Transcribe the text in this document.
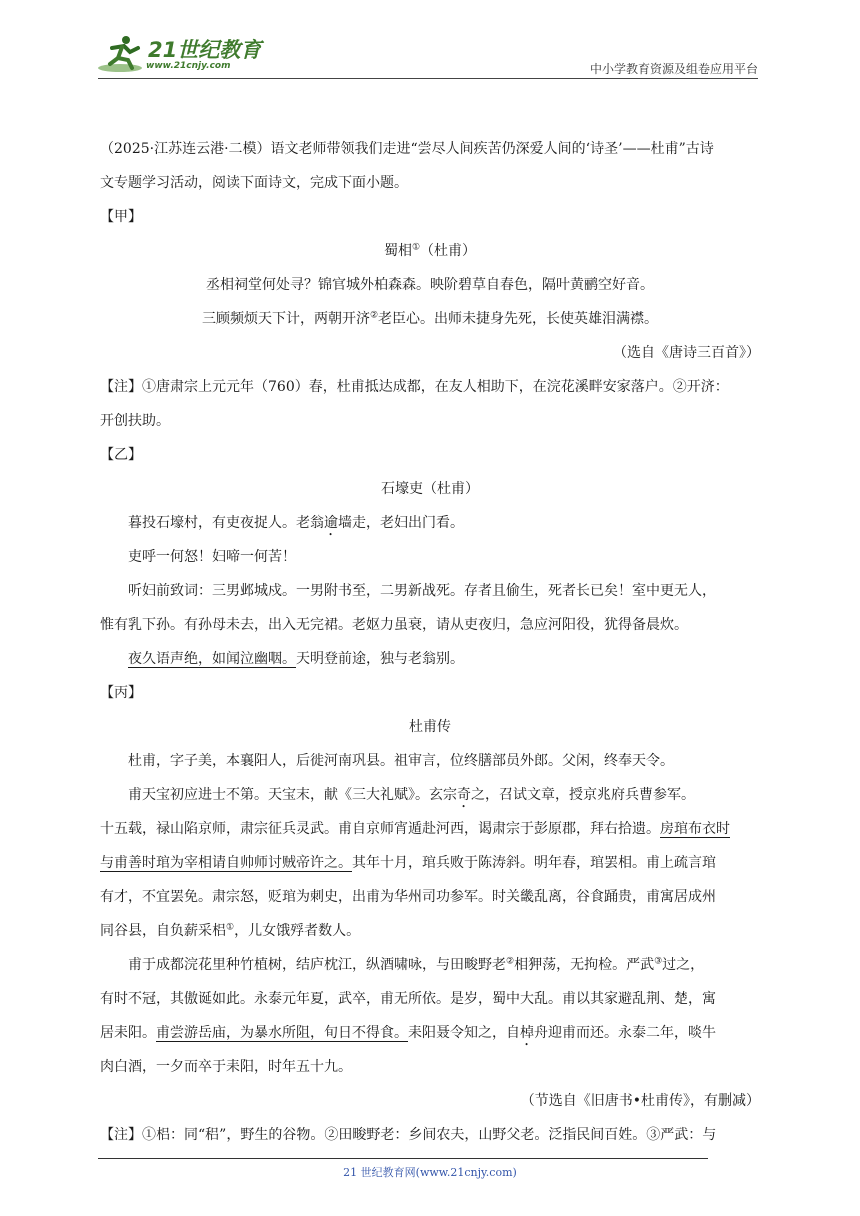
21世纪教育
www.21cnjy.com	中小学教育资源及组卷应用平台

（2025·江苏连云港·二模）语文老师带领我们走进“尝尽人间疾苦仍深爱人间的‘诗圣’——杜甫”古诗

文专题学习活动，阅读下面诗文，完成下面小题。

【甲】

蜀相①（杜甫）

丞相祠堂何处寻？锦官城外柏森森。映阶碧草自春色，隔叶黄鹂空好音。

三顾频烦天下计，两朝开济②老臣心。出师未捷身先死，长使英雄泪满襟。

（选自《唐诗三百首》）

【注】①唐肃宗上元元年（760）春，杜甫抵达成都，在友人相助下，在浣花溪畔安家落户。②开济：

开创扶助。

【乙】

石壕吏（杜甫）

暮投石壕村，有吏夜捉人。老翁逾墙走，老妇出门看。

吏呼一何怒！妇啼一何苦！

听妇前致词：三男邺城戍。一男附书至，二男新战死。存者且偷生，死者长已矣！室中更无人，

惟有乳下孙。有孙母未去，出入无完裙。老妪力虽衰，请从吏夜归，急应河阳役，犹得备晨炊。

夜久语声绝，如闻泣幽咽。天明登前途，独与老翁别。

【丙】

杜甫传

杜甫，字子美，本襄阳人，后徙河南巩县。祖审言，位终膳部员外郎。父闲，终奉天令。

甫天宝初应进士不第。天宝末，献《三大礼赋》。玄宗奇之，召试文章，授京兆府兵曹参军。

十五载，禄山陷京师，肃宗征兵灵武。甫自京师宵遁赴河西，谒肃宗于彭原郡，拜右拾遗。房琯布衣时

与甫善时琯为宰相请自帅师讨贼帝许之。其年十月，琯兵败于陈涛斜。明年春，琯罢相。甫上疏言琯

有才，不宜罢免。肃宗怒，贬琯为刺史，出甫为华州司功参军。时关畿乱离，谷食踊贵，甫寓居成州

同谷县，自负薪采梠①，儿女饿殍者数人。

甫于成都浣花里种竹植树，结庐枕江，纵酒啸咏，与田畯野老②相狎荡，无拘检。严武③过之，

有时不冠，其傲诞如此。永泰元年夏，武卒，甫无所依。是岁，蜀中大乱。甫以其家避乱荆、楚，寓

居耒阳。甫尝游岳庙，为暴水所阻，旬日不得食。耒阳聂令知之，自棹舟迎甫而还。永泰二年，啖牛

肉白酒，一夕而卒于耒阳，时年五十九。

（节选自《旧唐书•杜甫传》，有删减）

【注】①梠：同“稆”，野生的谷物。②田畯野老：乡间农夫，山野父老。泛指民间百姓。③严武：与

21 世纪教育网(www.21cnjy.com)
